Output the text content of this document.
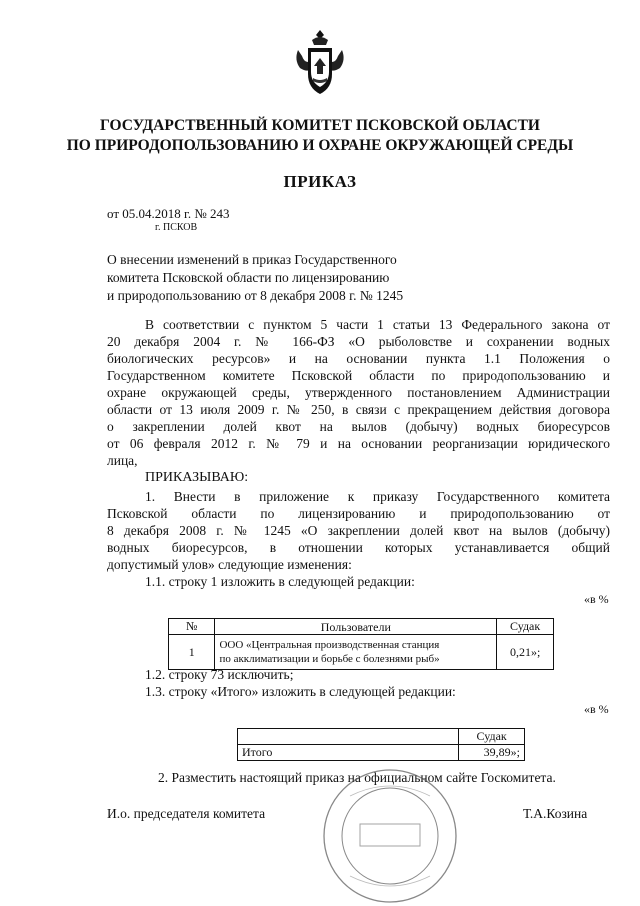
ГОСУДАРСТВЕННЫЙ КОМИТЕТ ПСКОВСКОЙ ОБЛАСТИ
ПО ПРИРОДОПОЛЬЗОВАНИЮ И ОХРАНЕ ОКРУЖАЮЩЕЙ СРЕДЫ
ПРИКАЗ
от 05.04.2018 г. № 243
г. ПСКОВ
О внесении изменений в приказ Государственного
комитета Псковской области по лицензированию
и природопользованию от 8 декабря 2008 г. № 1245
В соответствии с пунктом 5 части 1 статьи 13 Федерального закона от
20 декабря 2004 г. № 166-ФЗ «О рыболовстве и сохранении водных
биологических ресурсов» и на основании пункта 1.1 Положения о
Государственном комитете Псковской области по природопользованию и
охране окружающей среды, утвержденного постановлением Администрации
области от 13 июля 2009 г. № 250, в связи с прекращением действия договора
о закреплении долей квот на вылов (добычу) водных биоресурсов
от 06 февраля 2012 г. № 79 и на основании реорганизации юридического
лица,
ПРИКАЗЫВАЮ:
1. Внести в приложение к приказу Государственного комитета
Псковской области по лицензированию и природопользованию от
8 декабря 2008 г. № 1245 «О закреплении долей квот на вылов (добычу)
водных биоресурсов, в отношении которых устанавливается общий
допустимый улов» следующие изменения:
1.1. строку 1 изложить в следующей редакции:
«в %
№	Пользователи	Судак
1	ООО «Центральная производственная станция
по акклиматизации и борьбе с болезнями рыб»	0,21»;
1.2. строку 73 исключить;
1.3. строку «Итого» изложить в следующей редакции:
«в %
	Судак
Итого	39,89»;
2. Разместить настоящий приказ на официальном сайте Госкомитета.
И.о. председателя комитета	Т.А.Козина
